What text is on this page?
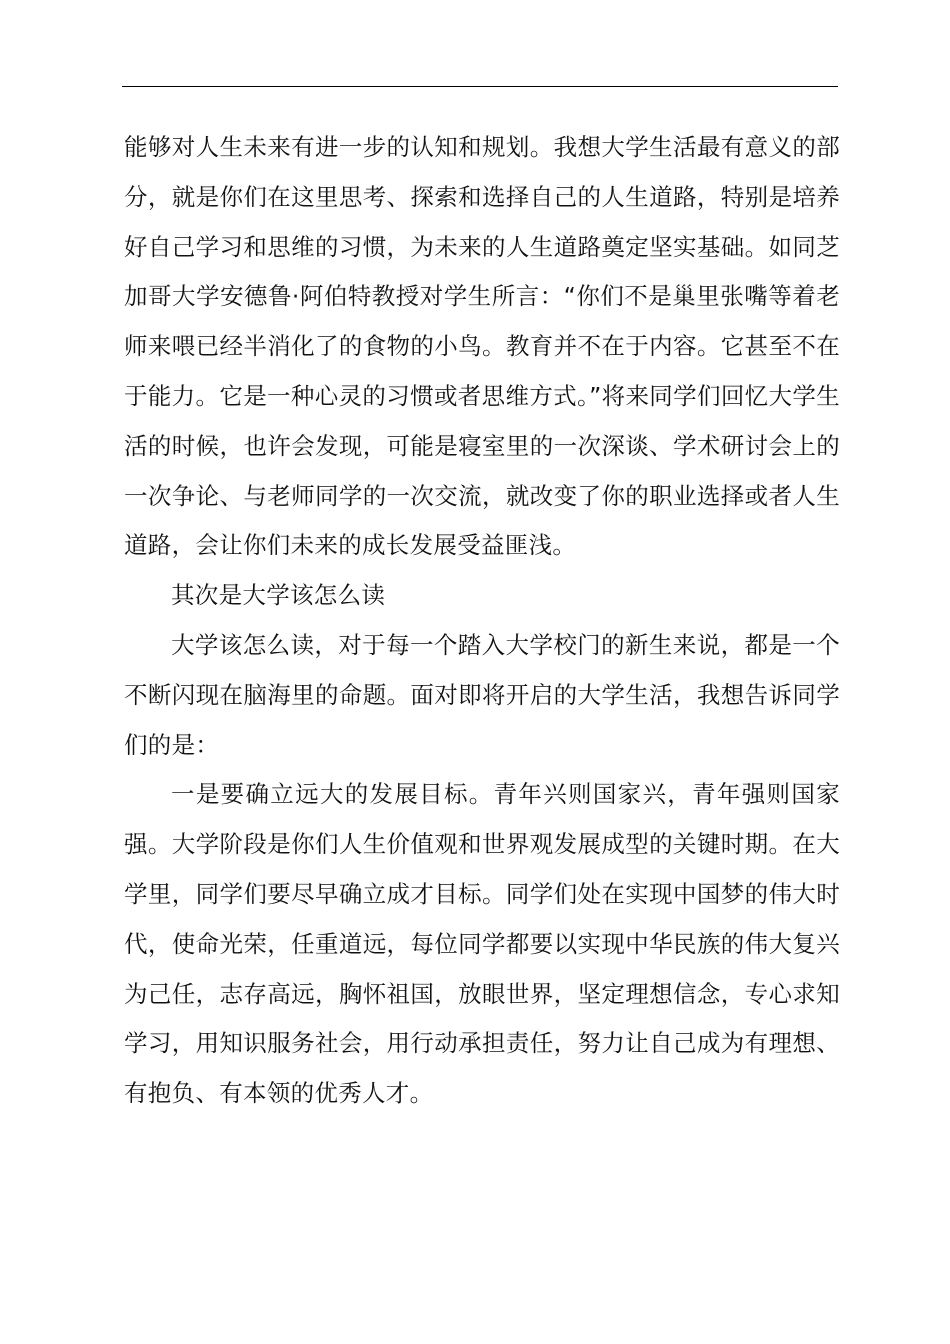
能够对人生未来有进一步的认知和规划。我想大学生活最有意义的部分，就是你们在这里思考、探索和选择自己的人生道路，特别是培养好自己学习和思维的习惯，为未来的人生道路奠定坚实基础。如同芝加哥大学安德鲁·阿伯特教授对学生所言：“你们不是巢里张嘴等着老师来喂已经半消化了的食物的小鸟。教育并不在于内容。它甚至不在于能力。它是一种心灵的习惯或者思维方式。”将来同学们回忆大学生活的时候，也许会发现，可能是寝室里的一次深谈、学术研讨会上的一次争论、与老师同学的一次交流，就改变了你的职业选择或者人生道路，会让你们未来的成长发展受益匪浅。

其次是大学该怎么读

大学该怎么读，对于每一个踏入大学校门的新生来说，都是一个不断闪现在脑海里的命题。面对即将开启的大学生活，我想告诉同学们的是：

一是要确立远大的发展目标。青年兴则国家兴，青年强则国家强。大学阶段是你们人生价值观和世界观发展成型的关键时期。在大学里，同学们要尽早确立成才目标。同学们处在实现中国梦的伟大时代，使命光荣，任重道远，每位同学都要以实现中华民族的伟大复兴为己任，志存高远，胸怀祖国，放眼世界，坚定理想信念，专心求知学习，用知识服务社会，用行动承担责任，努力让自己成为有理想、有抱负、有本领的优秀人才。
